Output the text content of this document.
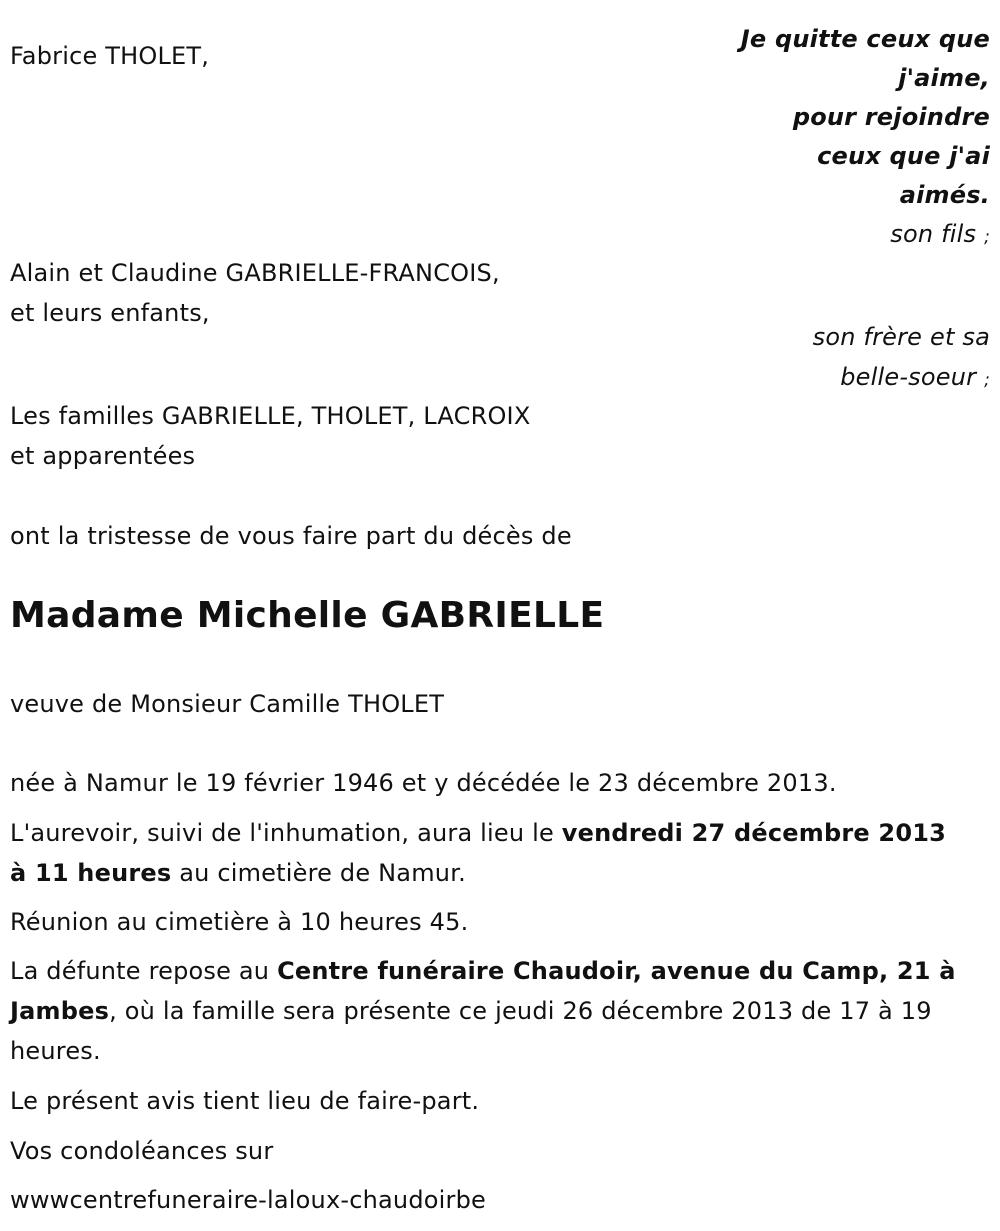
Je quitte ceux que
j'aime,
pour rejoindre
ceux que j'ai
aimés.
Fabrice THOLET,
son fils ;
Alain et Claudine GABRIELLE-FRANCOIS,
et leurs enfants,
son frère et sa
belle-soeur ;
Les familles GABRIELLE, THOLET, LACROIX
et apparentées
ont la tristesse de vous faire part du décès de
Madame Michelle GABRIELLE
veuve de Monsieur Camille THOLET
née à Namur le 19 février 1946 et y décédée le 23 décembre 2013.
L'aurevoir, suivi de l'inhumation, aura lieu le vendredi 27 décembre 2013
à 11 heures au cimetière de Namur.
Réunion au cimetière à 10 heures 45.
La défunte repose au Centre funéraire Chaudoir, avenue du Camp, 21 à Jambes, où la famille sera présente ce jeudi 26 décembre 2013 de 17 à 19 heures.
Le présent avis tient lieu de faire-part.
Vos condoléances sur
wwwcentrefuneraire-laloux-chaudoirbe
